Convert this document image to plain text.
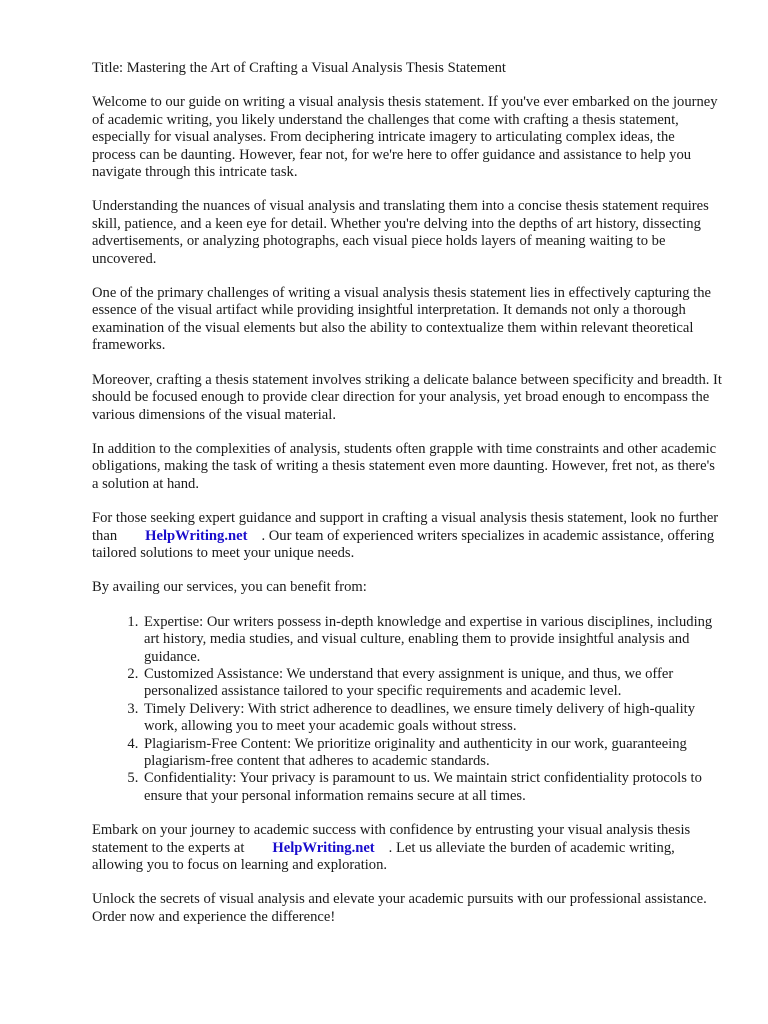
Title: Mastering the Art of Crafting a Visual Analysis Thesis Statement

Welcome to our guide on writing a visual analysis thesis statement. If you've ever embarked on the journey of academic writing, you likely understand the challenges that come with crafting a thesis statement, especially for visual analyses. From deciphering intricate imagery to articulating complex ideas, the process can be daunting. However, fear not, for we're here to offer guidance and assistance to help you navigate through this intricate task.

Understanding the nuances of visual analysis and translating them into a concise thesis statement requires skill, patience, and a keen eye for detail. Whether you're delving into the depths of art history, dissecting advertisements, or analyzing photographs, each visual piece holds layers of meaning waiting to be uncovered.

One of the primary challenges of writing a visual analysis thesis statement lies in effectively capturing the essence of the visual artifact while providing insightful interpretation. It demands not only a thorough examination of the visual elements but also the ability to contextualize them within relevant theoretical frameworks.

Moreover, crafting a thesis statement involves striking a delicate balance between specificity and breadth. It should be focused enough to provide clear direction for your analysis, yet broad enough to encompass the various dimensions of the visual material.

In addition to the complexities of analysis, students often grapple with time constraints and other academic obligations, making the task of writing a thesis statement even more daunting. However, fret not, as there's a solution at hand.

For those seeking expert guidance and support in crafting a visual analysis thesis statement, look no further than HelpWriting.net . Our team of experienced writers specializes in academic assistance, offering tailored solutions to meet your unique needs.

By availing our services, you can benefit from:

1. Expertise: Our writers possess in-depth knowledge and expertise in various disciplines, including art history, media studies, and visual culture, enabling them to provide insightful analysis and guidance.
2. Customized Assistance: We understand that every assignment is unique, and thus, we offer personalized assistance tailored to your specific requirements and academic level.
3. Timely Delivery: With strict adherence to deadlines, we ensure timely delivery of high-quality work, allowing you to meet your academic goals without stress.
4. Plagiarism-Free Content: We prioritize originality and authenticity in our work, guaranteeing plagiarism-free content that adheres to academic standards.
5. Confidentiality: Your privacy is paramount to us. We maintain strict confidentiality protocols to ensure that your personal information remains secure at all times.

Embark on your journey to academic success with confidence by entrusting your visual analysis thesis statement to the experts at HelpWriting.net . Let us alleviate the burden of academic writing, allowing you to focus on learning and exploration.

Unlock the secrets of visual analysis and elevate your academic pursuits with our professional assistance. Order now and experience the difference!
